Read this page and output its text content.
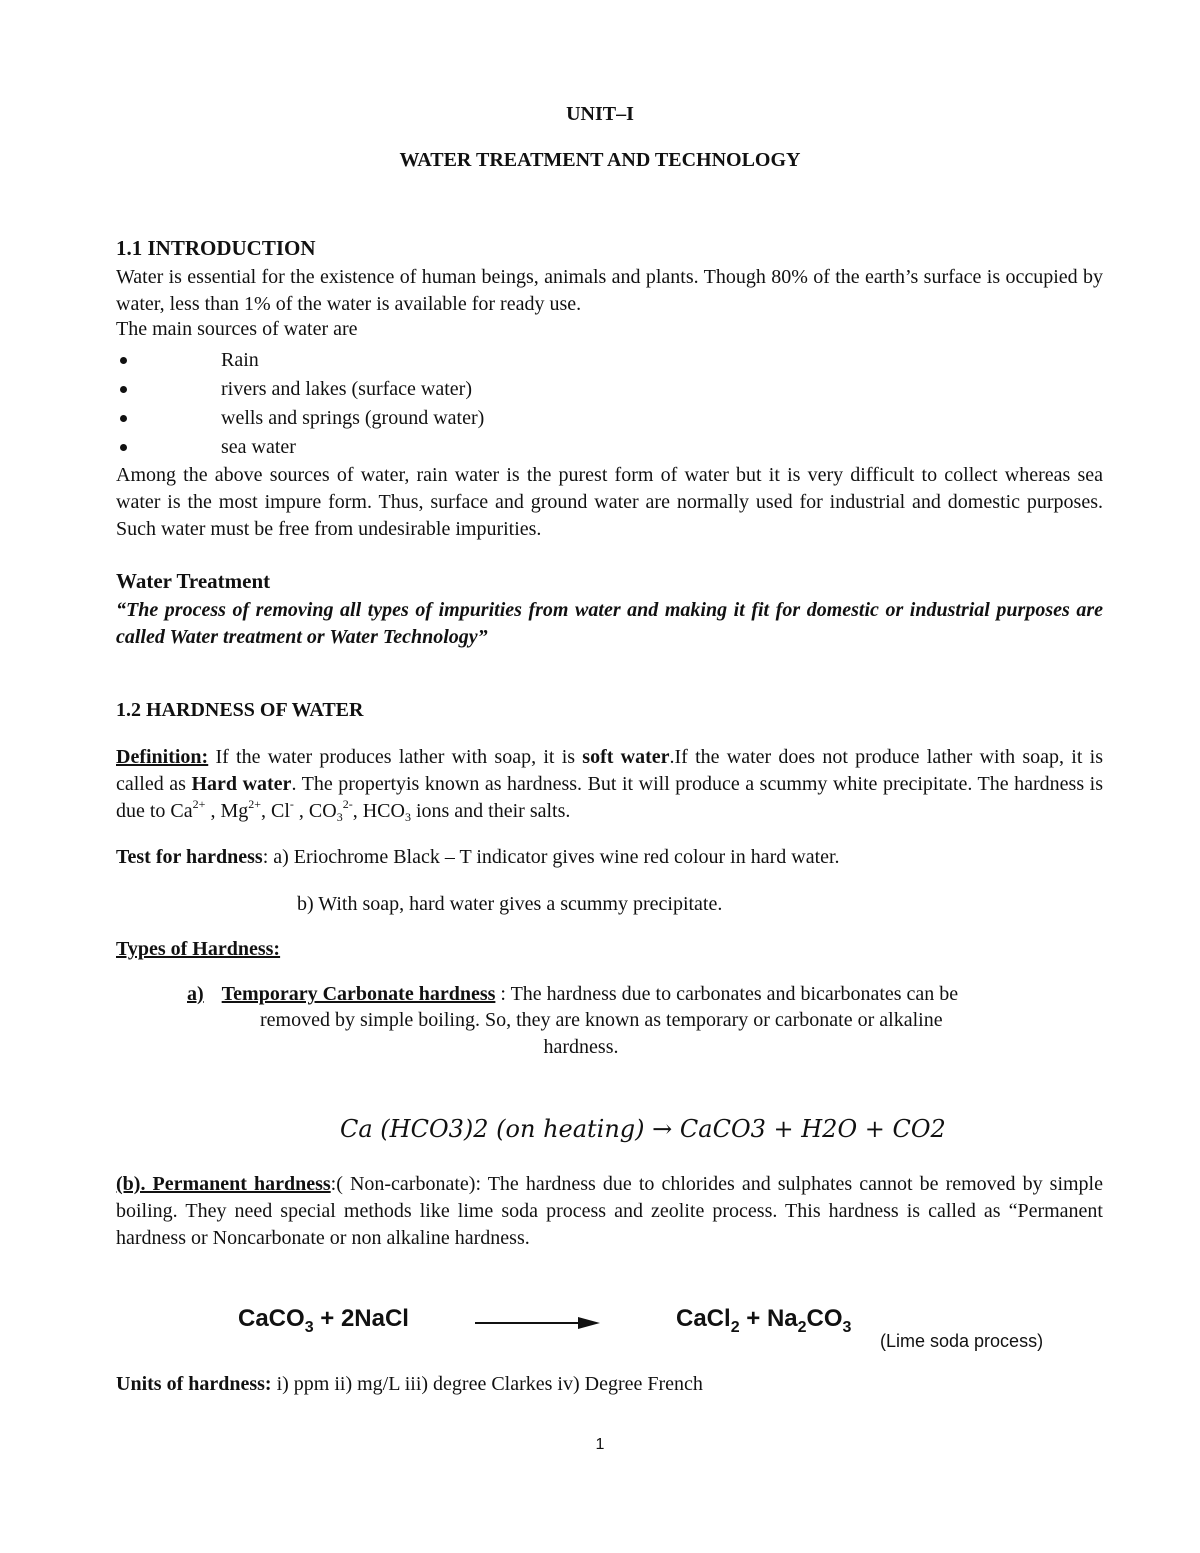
UNIT–I
WATER TREATMENT AND TECHNOLOGY
1.1 INTRODUCTION
Water is essential for the existence of human beings, animals and plants. Though 80% of the earth’s surface is occupied by water, less than 1% of the water is available for ready use.
The main sources of water are
Rain
rivers and lakes (surface water)
wells and springs (ground water)
sea water
Among the above sources of water, rain water is the purest form of water but it is very difficult to collect whereas sea water is the most impure form. Thus, surface and ground water are normally used for industrial and domestic purposes. Such water must be free from undesirable impurities.
Water Treatment
“The process of removing all types of impurities from water and making it fit for domestic or industrial purposes are called Water treatment or Water Technology”
1.2 HARDNESS OF WATER
Definition: If the water produces lather with soap, it is soft water.If the water does not produce lather with soap, it is called as Hard water. The propertyis known as hardness. But it will produce a scummy white precipitate. The hardness is due to $Ca^{2+}$ , $Mg^{2+}$, Cl- , $CO_3^{2-}$, $HCO_3$ ions and their salts.
Test for hardness: a) Eriochrome Black – T indicator gives wine red colour in hard water.
b) With soap, hard water gives a scummy precipitate.
Types of Hardness:
a) Temporary Carbonate hardness : The hardness due to carbonates and bicarbonates can be
removed by simple boiling. So, they are known as temporary or carbonate or alkaline
hardness.
Ca (HCO3)2 (on heating) → CaCO3 + H2O + CO2
(b). Permanent hardness:( Non-carbonate): The hardness due to chlorides and sulphates cannot be removed by simple boiling. They need special methods like lime soda process and zeolite process. This hardness is called as “Permanent hardness or Noncarbonate or non alkaline hardness.
CaCO$_3$ + 2NaCl	CaCl$_2$ + $Na_2CO_3$
(Lime soda process)
Units of hardness: i) ppm ii) mg/L iii) degree Clarkes iv) Degree French
1
